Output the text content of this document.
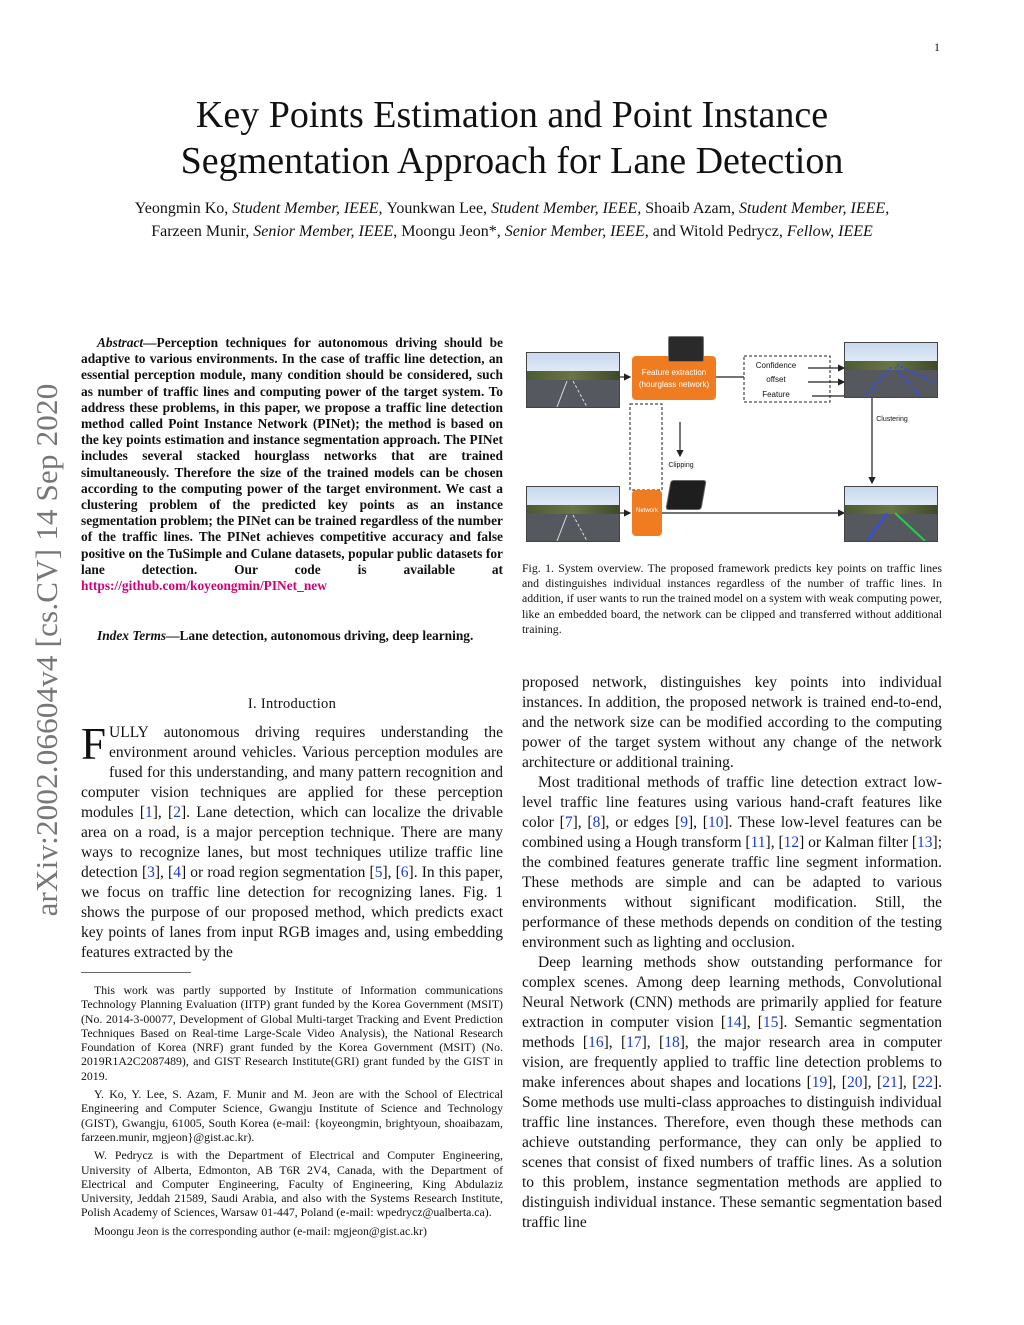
1
arXiv:2002.06604v4 [cs.CV] 14 Sep 2020
Key Points Estimation and Point Instance
Segmentation Approach for Lane Detection
Yeongmin Ko, Student Member, IEEE, Younkwan Lee, Student Member, IEEE, Shoaib Azam, Student Member, IEEE, Farzeen Munir, Senior Member, IEEE, Moongu Jeon*, Senior Member, IEEE, and Witold Pedrycz, Fellow, IEEE
Abstract—Perception techniques for autonomous driving should be adaptive to various environments. In the case of traffic line detection, an essential perception module, many condition should be considered, such as number of traffic lines and computing power of the target system. To address these problems, in this paper, we propose a traffic line detection method called Point Instance Network (PINet); the method is based on the key points estimation and instance segmentation approach. The PINet includes several stacked hourglass networks that are trained simultaneously. Therefore the size of the trained models can be chosen according to the computing power of the target environment. We cast a clustering problem of the predicted key points as an instance segmentation problem; the PINet can be trained regardless of the number of the traffic lines. The PINet achieves competitive accuracy and false positive on the TuSimple and Culane datasets, popular public datasets for lane detection. Our code is available at https://github.com/koyeongmin/PINet_new
Index Terms—Lane detection, autonomous driving, deep learning.
I. Introduction
FULLY autonomous driving requires understanding the environment around vehicles. Various perception modules are fused for this understanding, and many pattern recognition and computer vision techniques are applied for these perception modules [1], [2]. Lane detection, which can localize the drivable area on a road, is a major perception technique. There are many ways to recognize lanes, but most techniques utilize traffic line detection [3], [4] or road region segmentation [5], [6]. In this paper, we focus on traffic line detection for recognizing lanes. Fig. 1 shows the purpose of our proposed method, which predicts exact key points of lanes from input RGB images and, using embedding features extracted by the

This work was partly supported by Institute of Information communications Technology Planning Evaluation (IITP) grant funded by the Korea Government (MSIT) (No. 2014-3-00077, Development of Global Multi-target Tracking and Event Prediction Techniques Based on Real-time Large-Scale Video Analysis), the National Research Foundation of Korea (NRF) grant funded by the Korea Government (MSIT) (No. 2019R1A2C2087489), and GIST Research Institute(GRI) grant funded by the GIST in 2019.

Y. Ko, Y. Lee, S. Azam, F. Munir and M. Jeon are with the School of Electrical Engineering and Computer Science, Gwangju Institute of Science and Technology (GIST), Gwangju, 61005, South Korea (e-mail: {koyeongmin, brightyoun, shoaibazam, farzeen.munir, mgjeon}@gist.ac.kr).

W. Pedrycz is with the Department of Electrical and Computer Engineering, University of Alberta, Edmonton, AB T6R 2V4, Canada, with the Department of Electrical and Computer Engineering, Faculty of Engineering, King Abdulaziz University, Jeddah 21589, Saudi Arabia, and also with the Systems Research Institute, Polish Academy of Sciences, Warsaw 01-447, Poland (e-mail: wpedrycz@ualberta.ca).

Moongu Jeon is the corresponding author (e-mail: mgjeon@gist.ac.kr)

Feature extraction
(hourglass network)
Confidence
offset
Feature
Clustering
Clipping
Network
Fig. 1. System overview. The proposed framework predicts key points on traffic lines and distinguishes individual instances regardless of the number of traffic lines. In addition, if user wants to run the trained model on a system with weak computing power, like an embedded board, the network can be clipped and transferred without additional training.

proposed network, distinguishes key points into individual instances. In addition, the proposed network is trained end-to-end, and the network size can be modified according to the computing power of the target system without any change of the network architecture or additional training.

Most traditional methods of traffic line detection extract low-level traffic line features using various hand-craft features like color [7], [8], or edges [9], [10]. These low-level features can be combined using a Hough transform [11], [12] or Kalman filter [13]; the combined features generate traffic line segment information. These methods are simple and can be adapted to various environments without significant modification. Still, the performance of these methods depends on condition of the testing environment such as lighting and occlusion.

Deep learning methods show outstanding performance for complex scenes. Among deep learning methods, Convolutional Neural Network (CNN) methods are primarily applied for feature extraction in computer vision [14], [15]. Semantic segmentation methods [16], [17], [18], the major research area in computer vision, are frequently applied to traffic line detection problems to make inferences about shapes and locations [19], [20], [21], [22]. Some methods use multi-class approaches to distinguish individual traffic line instances. Therefore, even though these methods can achieve outstanding performance, they can only be applied to scenes that consist of fixed numbers of traffic lines. As a solution to this problem, instance segmentation methods are applied to distinguish individual instance. These semantic segmentation based traffic line
